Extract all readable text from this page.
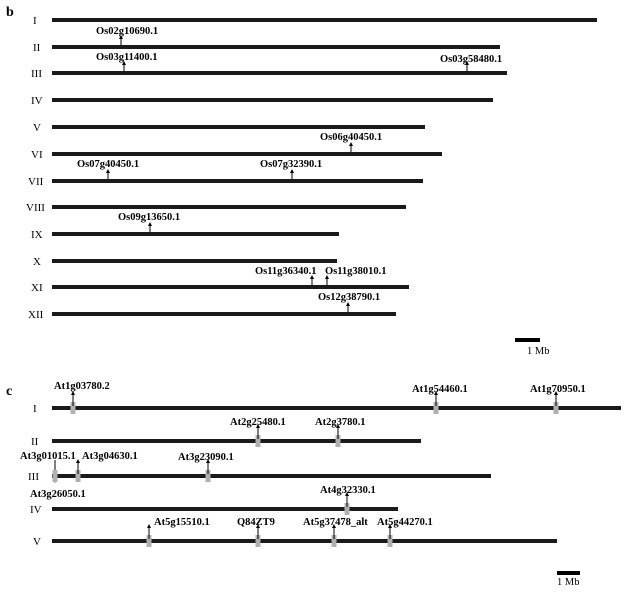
b
I
II
Os02g10690.1
III
Os03g11400.1	Os03g58480.1
IV
V
VI
Os06g40450.1
VII
Os07g40450.1	Os07g32390.1
VIII
IX
Os09g13650.1
X
XI
Os11g36340.1 Os11g38010.1
XII
Os12g38790.1
1 Mb
c
I
At1g03780.2	At1g54460.1	At1g70950.1
II
At2g25480.1	At2g3780.1
III
At3g01015.1 At3g04630.1	At3g23090.1
At3g26050.1
IV
At4g32330.1
V
At5g15510.1	Q84ZT9	At5g37478_alt At5g44270.1
1 Mb
